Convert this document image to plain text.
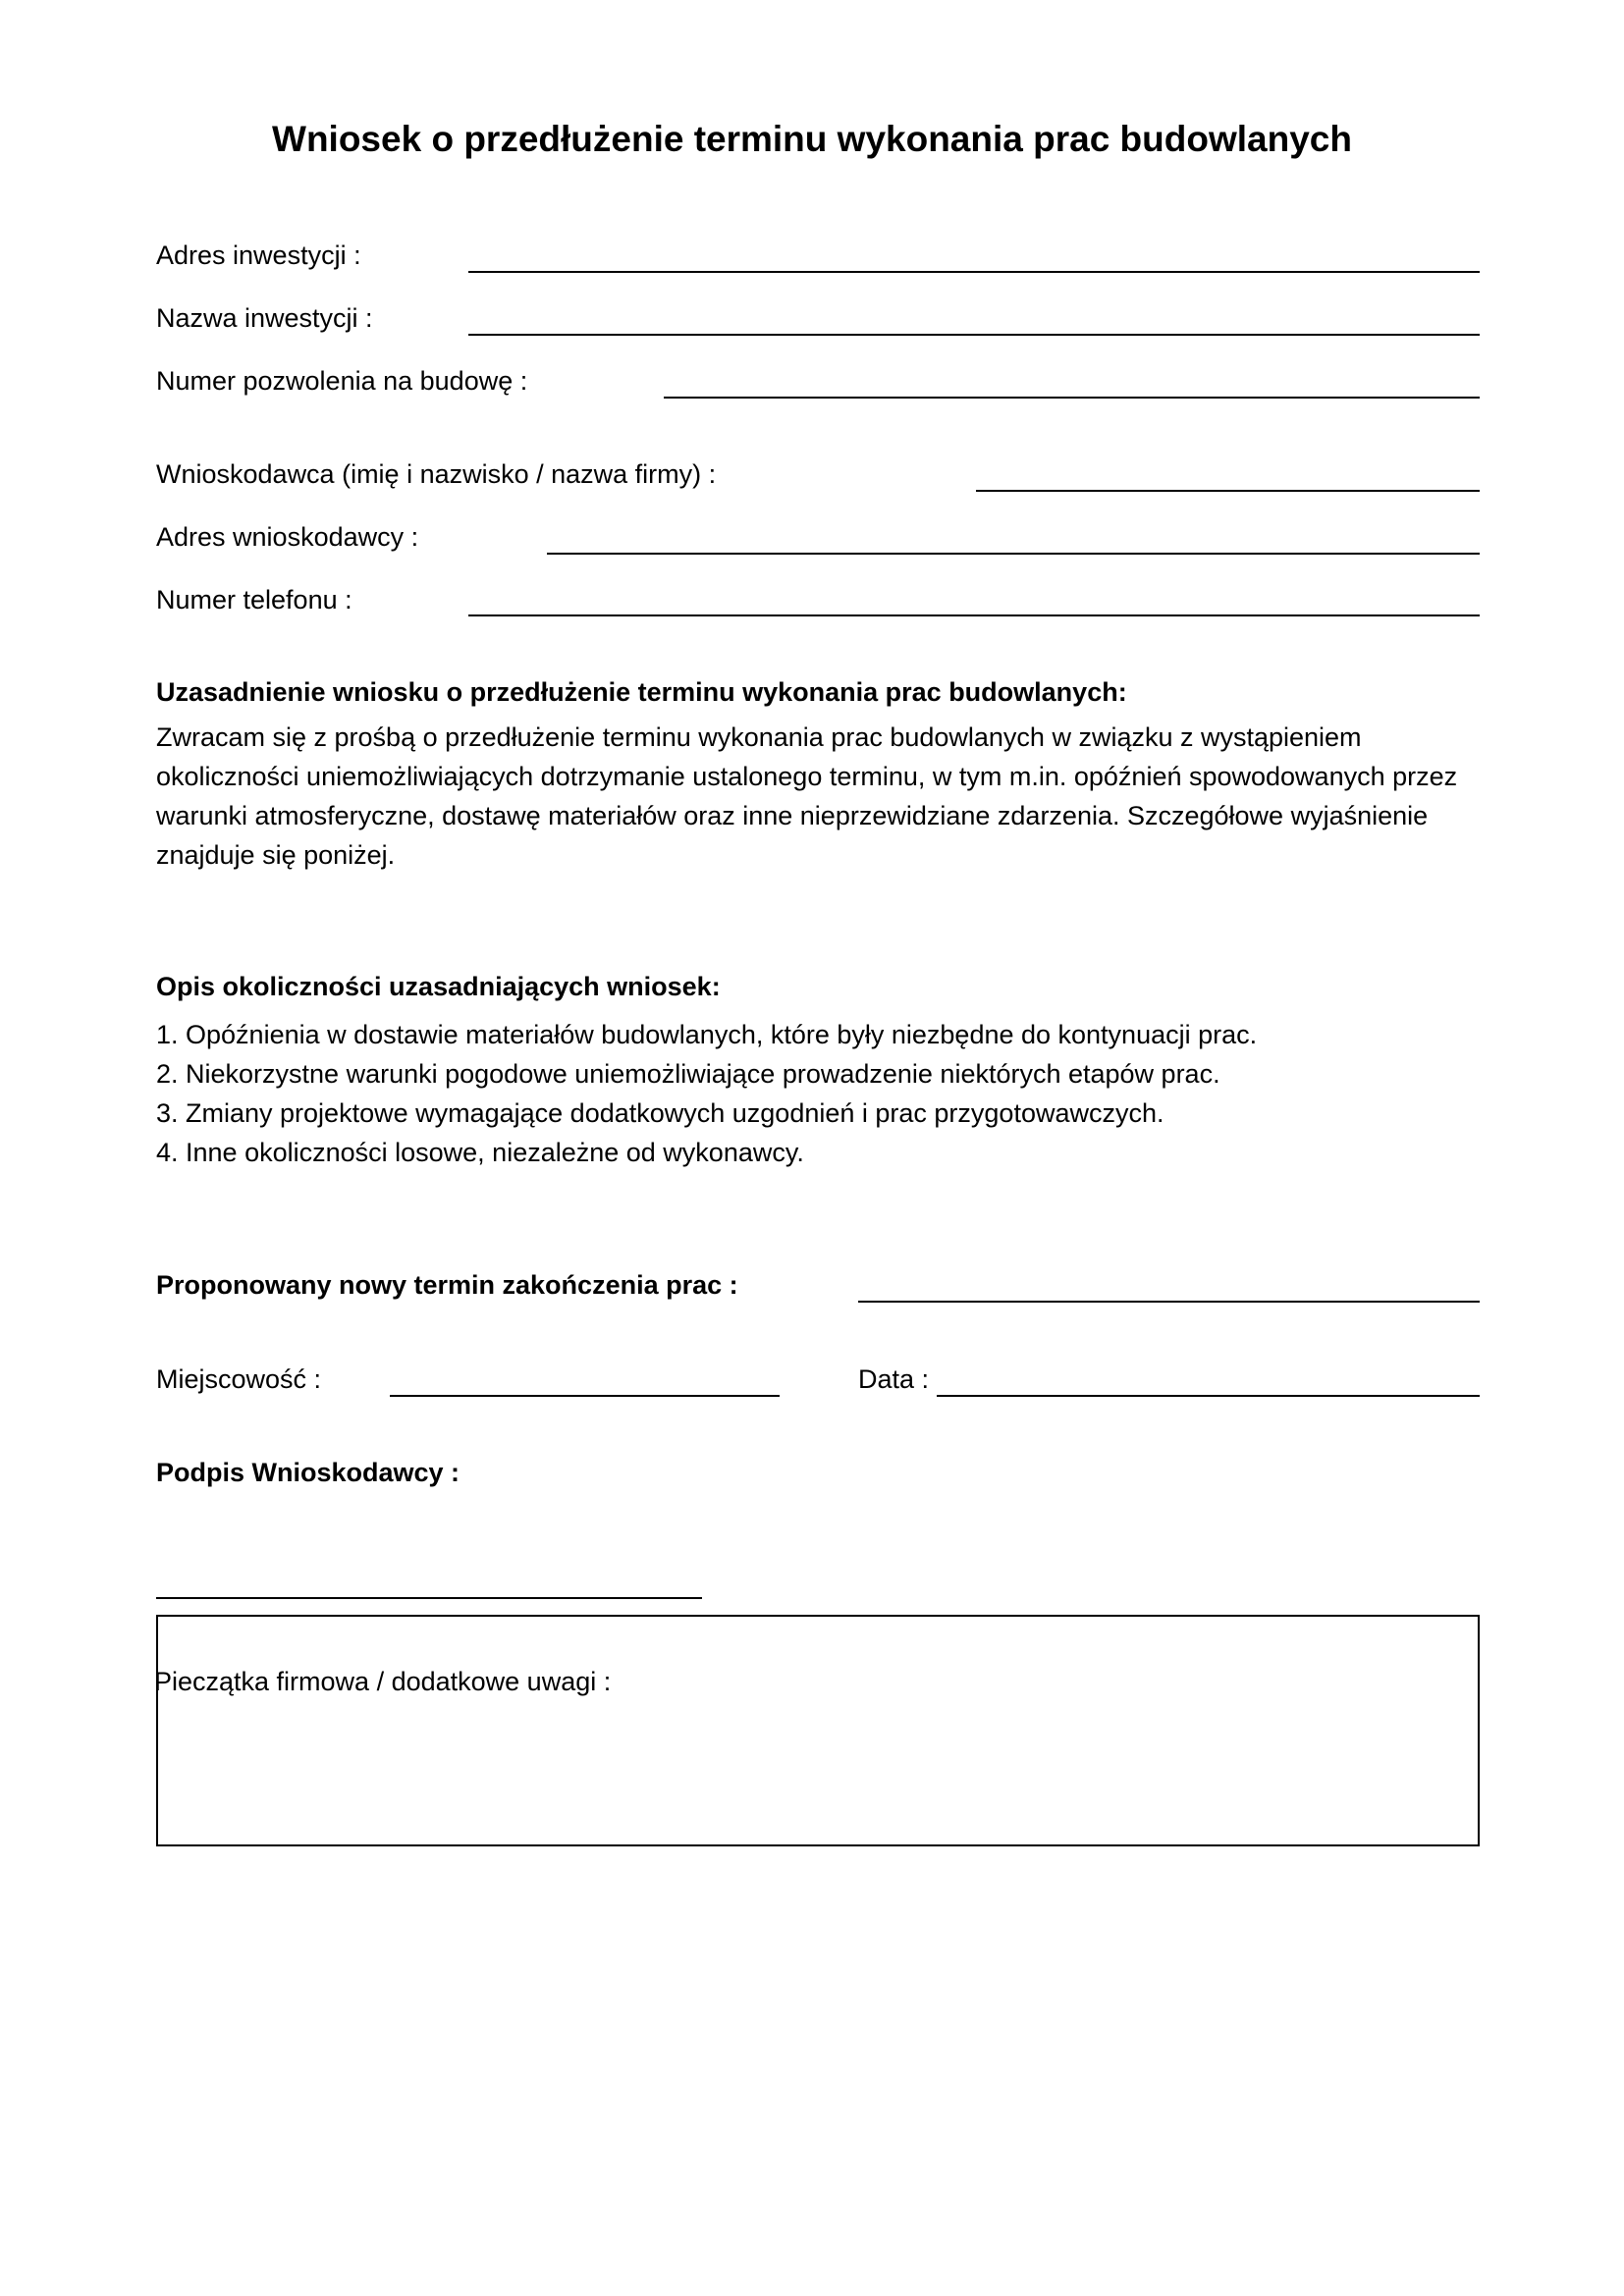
Wniosek o przedłużenie terminu wykonania prac budowlanych
Adres inwestycji :
Nazwa inwestycji :
Numer pozwolenia na budowę :
Wnioskodawca (imię i nazwisko / nazwa firmy) :
Adres wnioskodawcy :
Numer telefonu :
Uzasadnienie wniosku o przedłużenie terminu wykonania prac budowlanych:

Zwracam się z prośbą o przedłużenie terminu wykonania prac budowlanych w związku z wystąpieniem okoliczności uniemożliwiających dotrzymanie ustalonego terminu, w tym m.in. opóźnień spowodowanych przez warunki atmosferyczne, dostawę materiałów oraz inne nieprzewidziane zdarzenia. Szczegółowe wyjaśnienie znajduje się poniżej.

Opis okoliczności uzasadniających wniosek:
1. Opóźnienia w dostawie materiałów budowlanych, które były niezbędne do kontynuacji prac.
2. Niekorzystne warunki pogodowe uniemożliwiające prowadzenie niektórych etapów prac.
3. Zmiany projektowe wymagające dodatkowych uzgodnień i prac przygotowawczych.
4. Inne okoliczności losowe, niezależne od wykonawcy.
Proponowany nowy termin zakończenia prac :
Miejscowość :	Data :
Podpis Wnioskodawcy :
Pieczątka firmowa / dodatkowe uwagi :
